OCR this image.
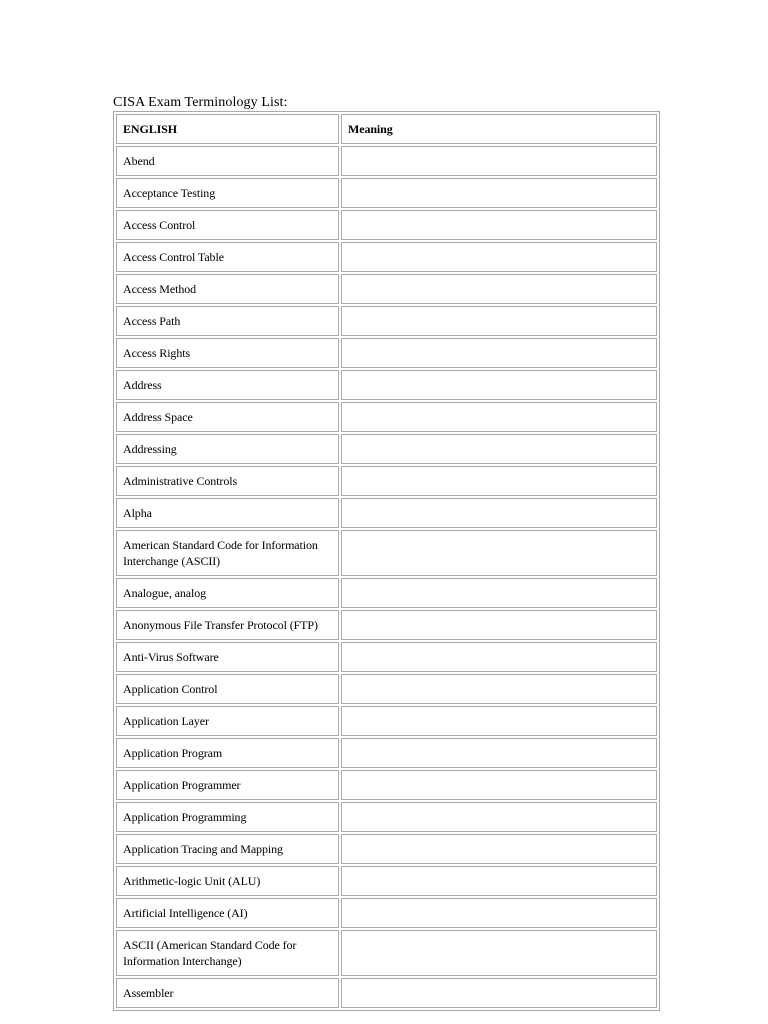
CISA Exam Terminology List:
ENGLISH	Meaning
Abend	
Acceptance Testing	
Access Control	
Access Control Table	
Access Method	
Access Path	
Access Rights	
Address	
Address Space	
Addressing	
Administrative Controls	
Alpha	
American Standard Code for Information Interchange (ASCII)	
Analogue, analog	
Anonymous File Transfer Protocol (FTP)	
Anti-Virus Software	
Application Control	
Application Layer	
Application Program	
Application Programmer	
Application Programming	
Application Tracing and Mapping	
Arithmetic-logic Unit (ALU)	
Artificial Intelligence (AI)	
ASCII (American Standard Code for Information Interchange)	
Assembler	
